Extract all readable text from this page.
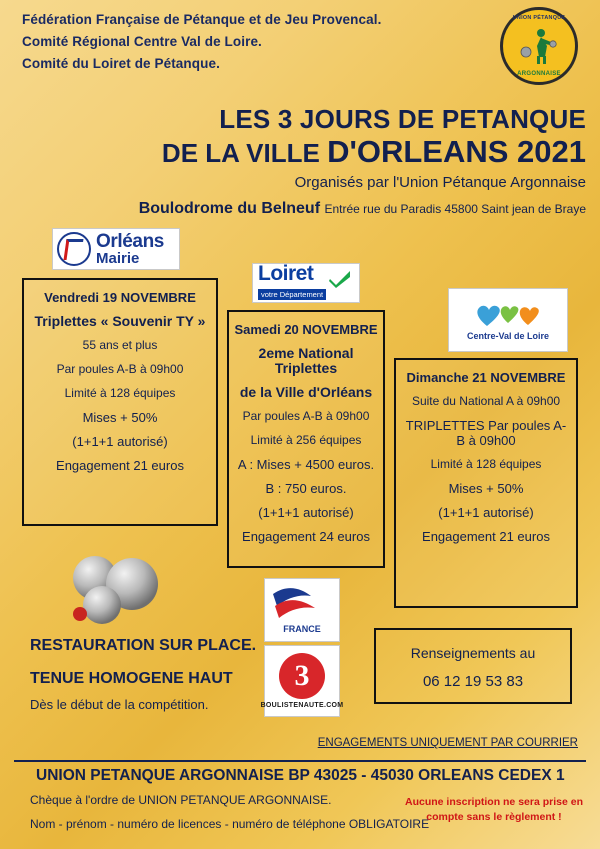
Fédération Française de Pétanque et de Jeu Provencal.
Comité Régional Centre Val de Loire.
Comité du Loiret de Pétanque.
UNION PÉTANQUE
ARGONNAISE
LES 3 JOURS DE PETANQUE
DE LA VILLE D'ORLEANS 2021
Organisés par l'Union Pétanque Argonnaise
Boulodrome du Belneuf Entrée rue du Paradis 45800 Saint jean de Braye
Orléans
Mairie
Loiret
votre Département
Centre-Val de Loire
FRANCE
3
BOULISTENAUTE.COM
Vendredi 19 NOVEMBRE
Triplettes « Souvenir TY »
55 ans et plus
Par poules A-B à 09h00
Limité à 128 équipes
Mises + 50%
(1+1+1 autorisé)
Engagement 21 euros
Samedi 20 NOVEMBRE
2eme National Triplettes
de la Ville d'Orléans
Par poules A-B à 09h00
Limité à 256 équipes
A : Mises + 4500 euros.
B : 750 euros.
(1+1+1 autorisé)
Engagement 24 euros
Dimanche 21 NOVEMBRE
Suite du National A à 09h00
TRIPLETTES Par poules A-B à 09h00
Limité à 128 équipes
Mises + 50%
(1+1+1 autorisé)
Engagement 21 euros
RESTAURATION SUR PLACE.
TENUE HOMOGENE HAUT
Dès le début de la compétition.
Renseignements au
06 12 19 53 83
ENGAGEMENTS UNIQUEMENT PAR COURRIER
UNION PETANQUE ARGONNAISE BP 43025 - 45030 ORLEANS CEDEX 1
Chèque à l'ordre de UNION PETANQUE ARGONNAISE.
Nom - prénom - numéro de licences - numéro de téléphone OBLIGATOIRE
Aucune inscription ne sera prise en compte sans le règlement !
